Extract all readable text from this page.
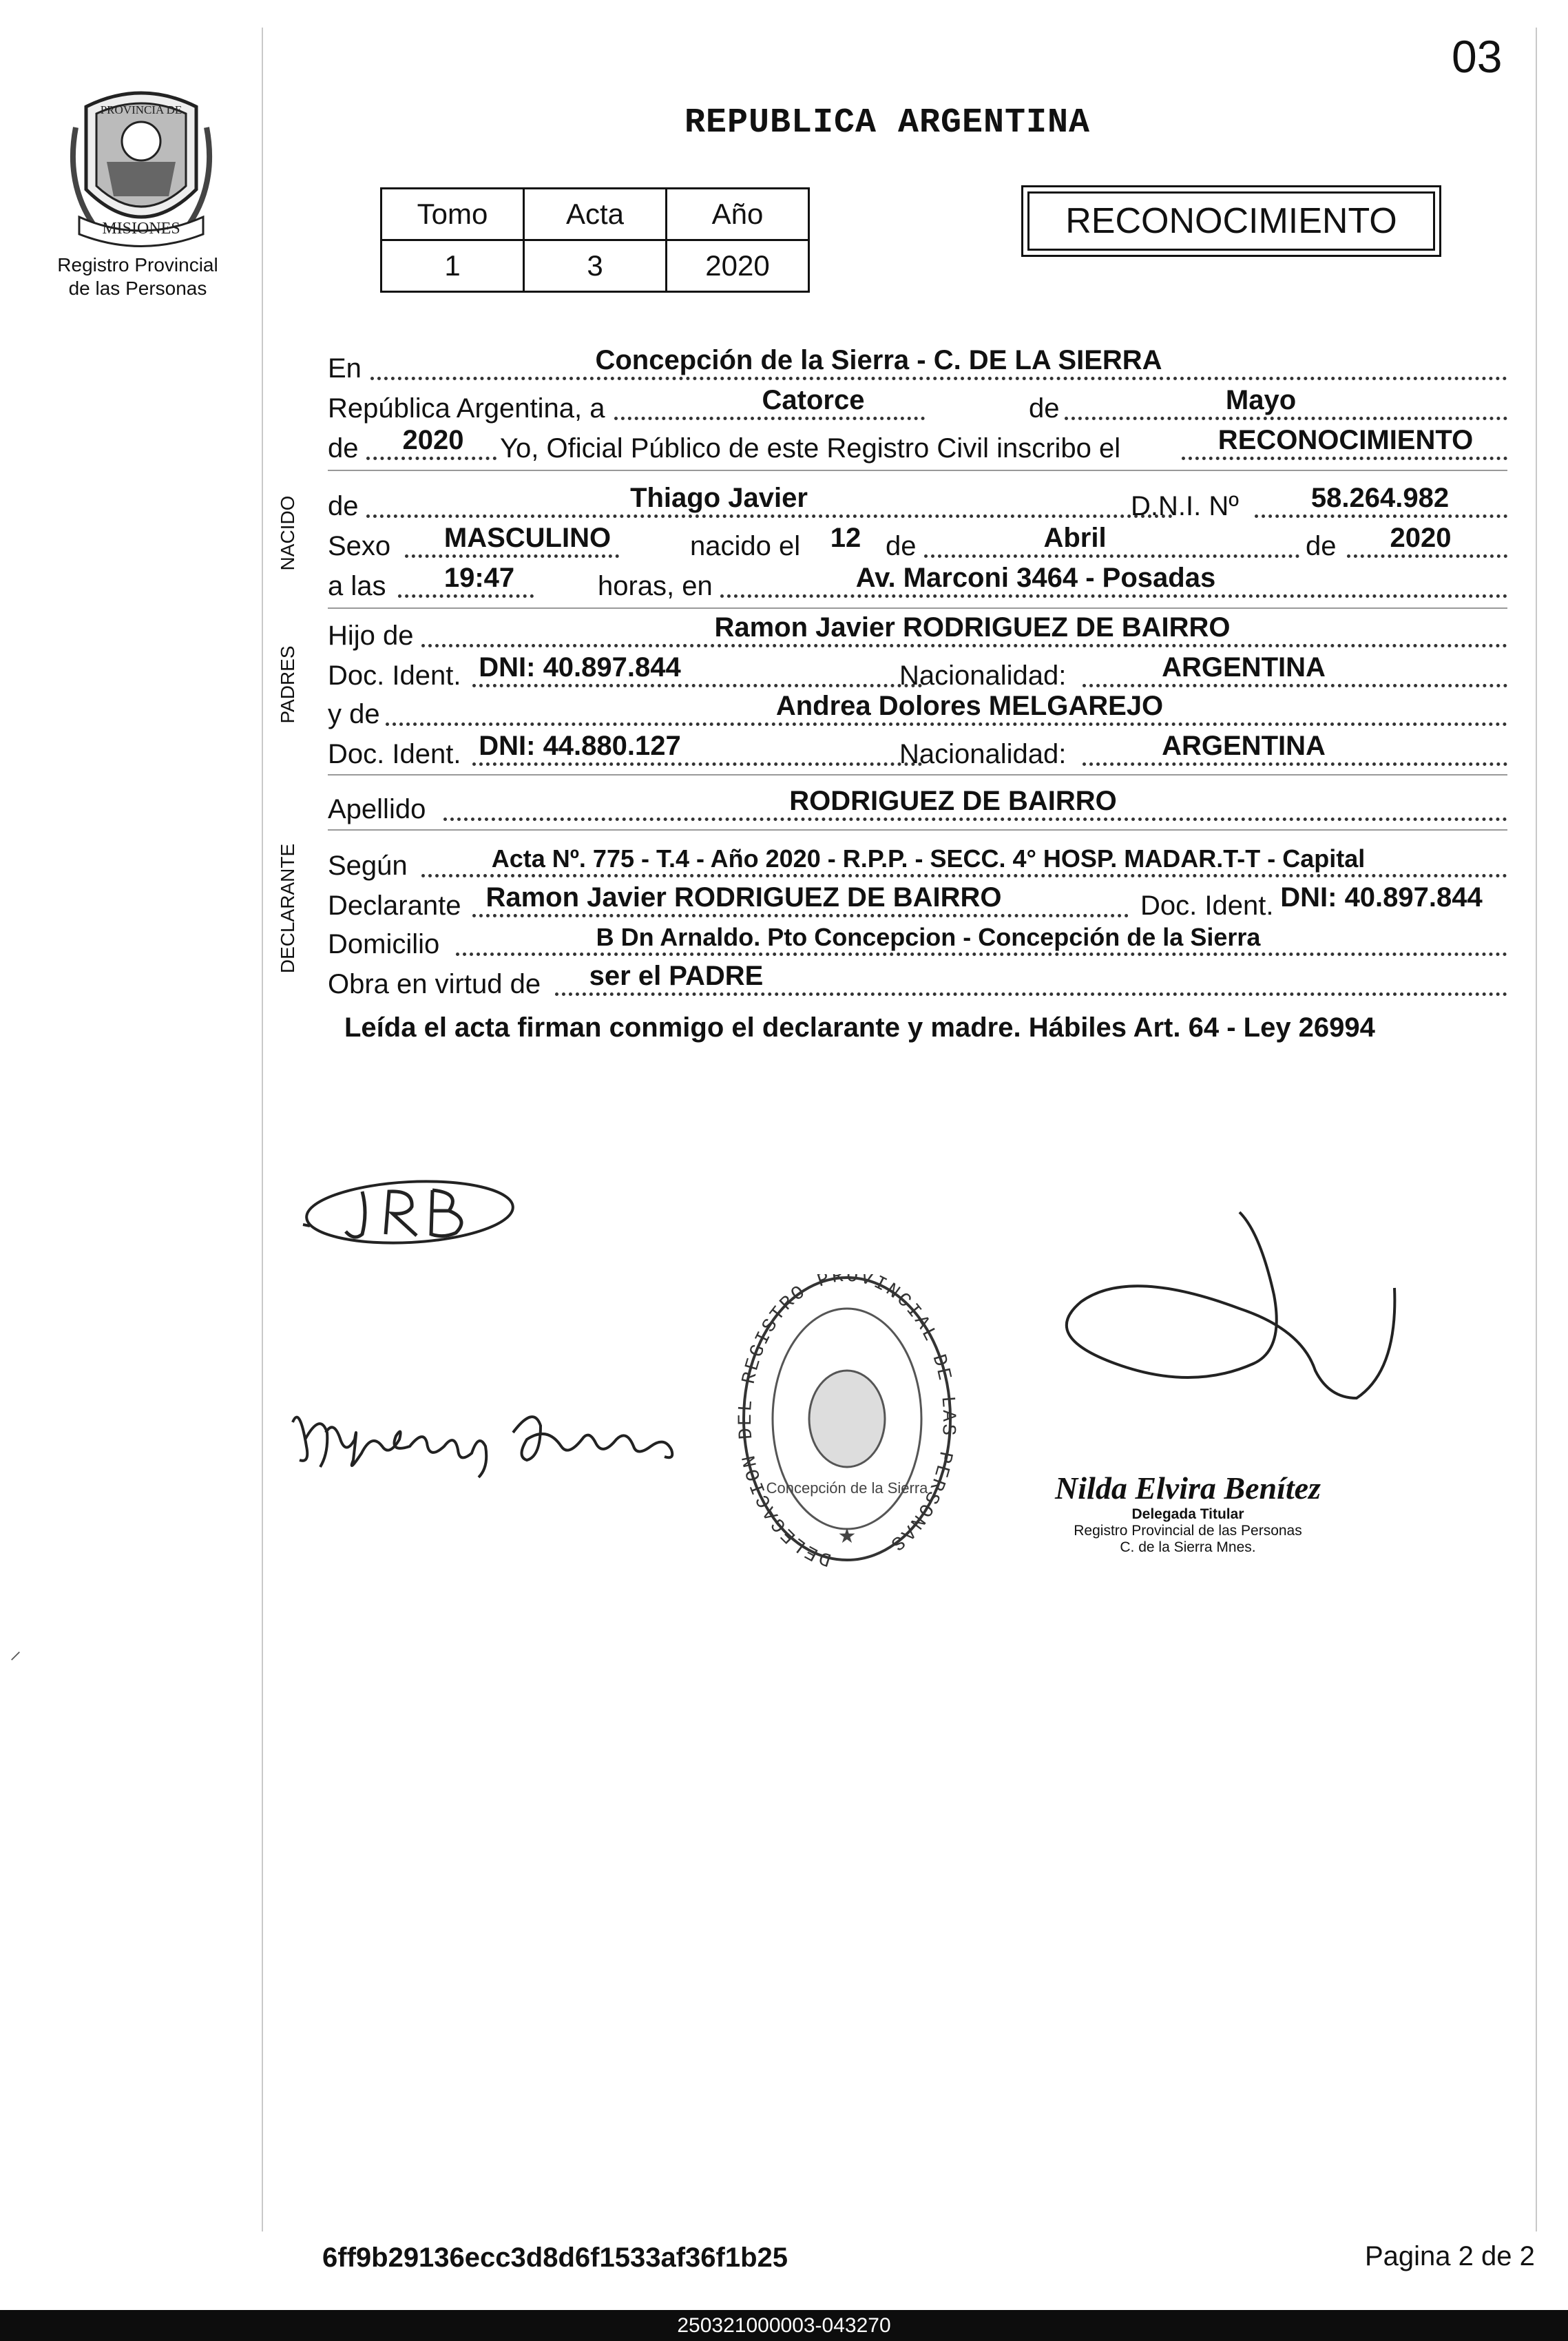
03
MISIONES
PROVINCIA DE
Registro Provincial
de las Personas
REPUBLICA ARGENTINA
Tomo	Acta	Año
1	3	2020
RECONOCIMIENTO
NACIDO
PADRES
DECLARANTE
En	Concepción de la Sierra - C. DE LA SIERRA
República Argentina, a	Catorce	de	Mayo
de 2020 Yo, Oficial Público de este Registro Civil inscribo el	RECONOCIMIENTO
de	Thiago Javier	D.N.I. Nº	58.264.982
Sexo MASCULINO	nacido el 12 de	Abril	de 2020
a las 19:47	horas, en	Av. Marconi 3464 - Posadas
Hijo de	Ramon Javier RODRIGUEZ DE BAIRRO
Doc. Ident. DNI: 40.897.844	Nacionalidad:	ARGENTINA
y de	Andrea Dolores MELGAREJO
Doc. Ident. DNI: 44.880.127	Nacionalidad:	ARGENTINA
Apellido	RODRIGUEZ DE BAIRRO
Según	Acta Nº. 775 - T.4 - Año 2020 - R.P.P. - SECC. 4° HOSP. MADAR.T-T - Capital
Declarante Ramon Javier RODRIGUEZ DE BAIRRO	Doc. Ident. DNI: 40.897.844
Domicilio	B Dn Arnaldo. Pto Concepcion - Concepción de la Sierra
Obra en virtud de ser el PADRE
Leída el acta firman conmigo el declarante y madre. Hábiles Art. 64 - Ley 26994
DELEGACION DEL REGISTRO PROVINCIAL DE LAS PERSONAS
Concepción de la Sierra
★
Nilda Elvira Benítez
Delegada Titular
Registro Provincial de las Personas
C. de la Sierra Mnes.
⸝
6ff9b29136ecc3d8d6f1533af36f1b25	Pagina 2 de 2
250321000003-043270
